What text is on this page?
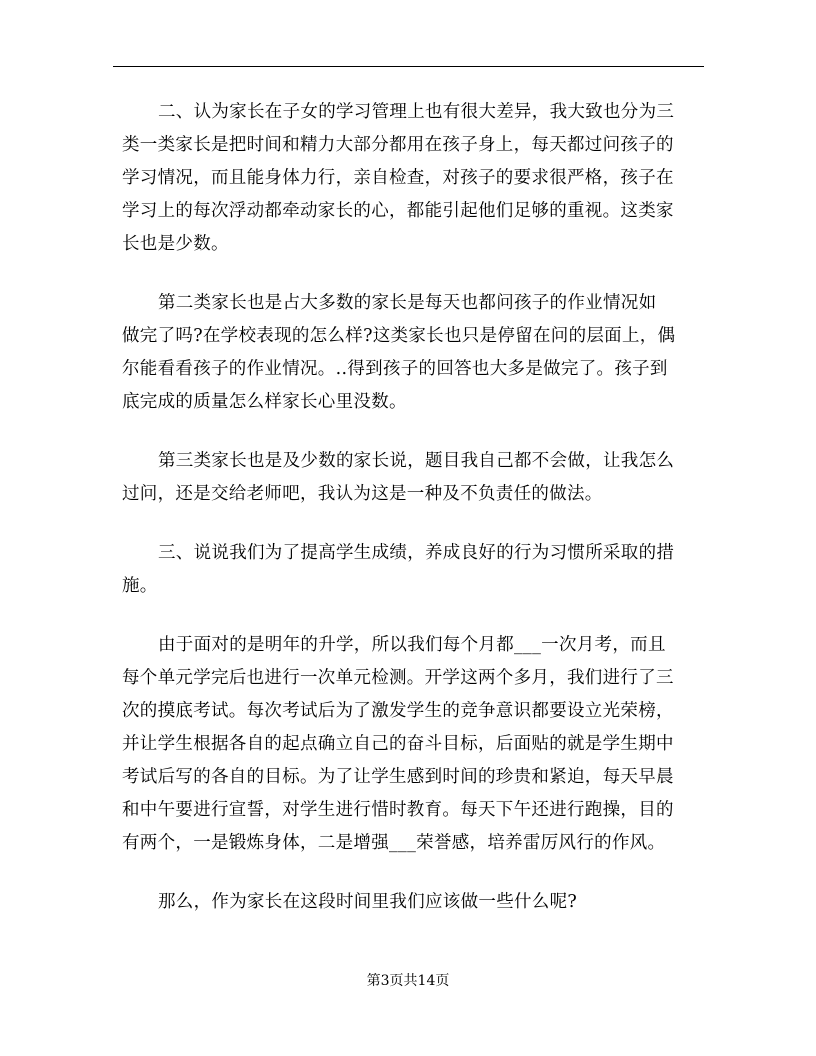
二、认为家长在子女的学习管理上也有很大差异，我大致也分为三
类一类家长是把时间和精力大部分都用在孩子身上，每天都过问孩子的
学习情况，而且能身体力行，亲自检查，对孩子的要求很严格，孩子在
学习上的每次浮动都牵动家长的心，都能引起他们足够的重视。这类家
长也是少数。

第二类家长也是占大多数的家长是每天也都问孩子的作业情况如
做完了吗?在学校表现的怎么样?这类家长也只是停留在问的层面上，偶
尔能看看孩子的作业情况。..得到孩子的回答也大多是做完了。孩子到
底完成的质量怎么样家长心里没数。

第三类家长也是及少数的家长说，题目我自己都不会做，让我怎么
过问，还是交给老师吧，我认为这是一种及不负责任的做法。

三、说说我们为了提高学生成绩，养成良好的行为习惯所采取的措
施。

由于面对的是明年的升学，所以我们每个月都___一次月考，而且
每个单元学完后也进行一次单元检测。开学这两个多月，我们进行了三
次的摸底考试。每次考试后为了激发学生的竞争意识都要设立光荣榜，
并让学生根据各自的起点确立自己的奋斗目标，后面贴的就是学生期中
考试后写的各自的目标。为了让学生感到时间的珍贵和紧迫，每天早晨
和中午要进行宣誓，对学生进行惜时教育。每天下午还进行跑操，目的
有两个，一是锻炼身体，二是增强___荣誉感，培养雷厉风行的作风。

那么，作为家长在这段时间里我们应该做一些什么呢?

第3页共14页
